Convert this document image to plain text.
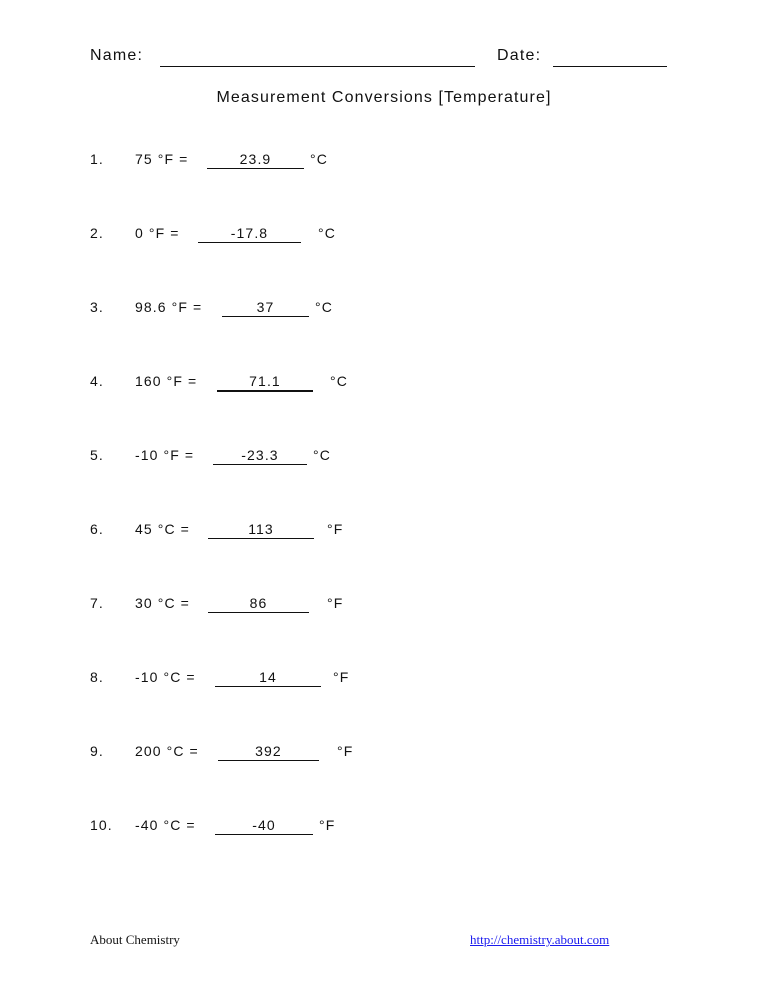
Name:	Date:
Measurement Conversions [Temperature]
1. 75 °F =	23.9	°C
2. 0 °F =	-17.8	°C
3. 98.6 °F =	37	°C
4. 160 °F =	71.1	°C
5. -10 °F =	-23.3	°C
6. 45 °C =	113	°F
7. 30 °C =	86	°F
8. -10 °C =	14	°F
9. 200 °C =	392	°F
10. -40 °C =	-40	°F
About Chemistry	http://chemistry.about.com
